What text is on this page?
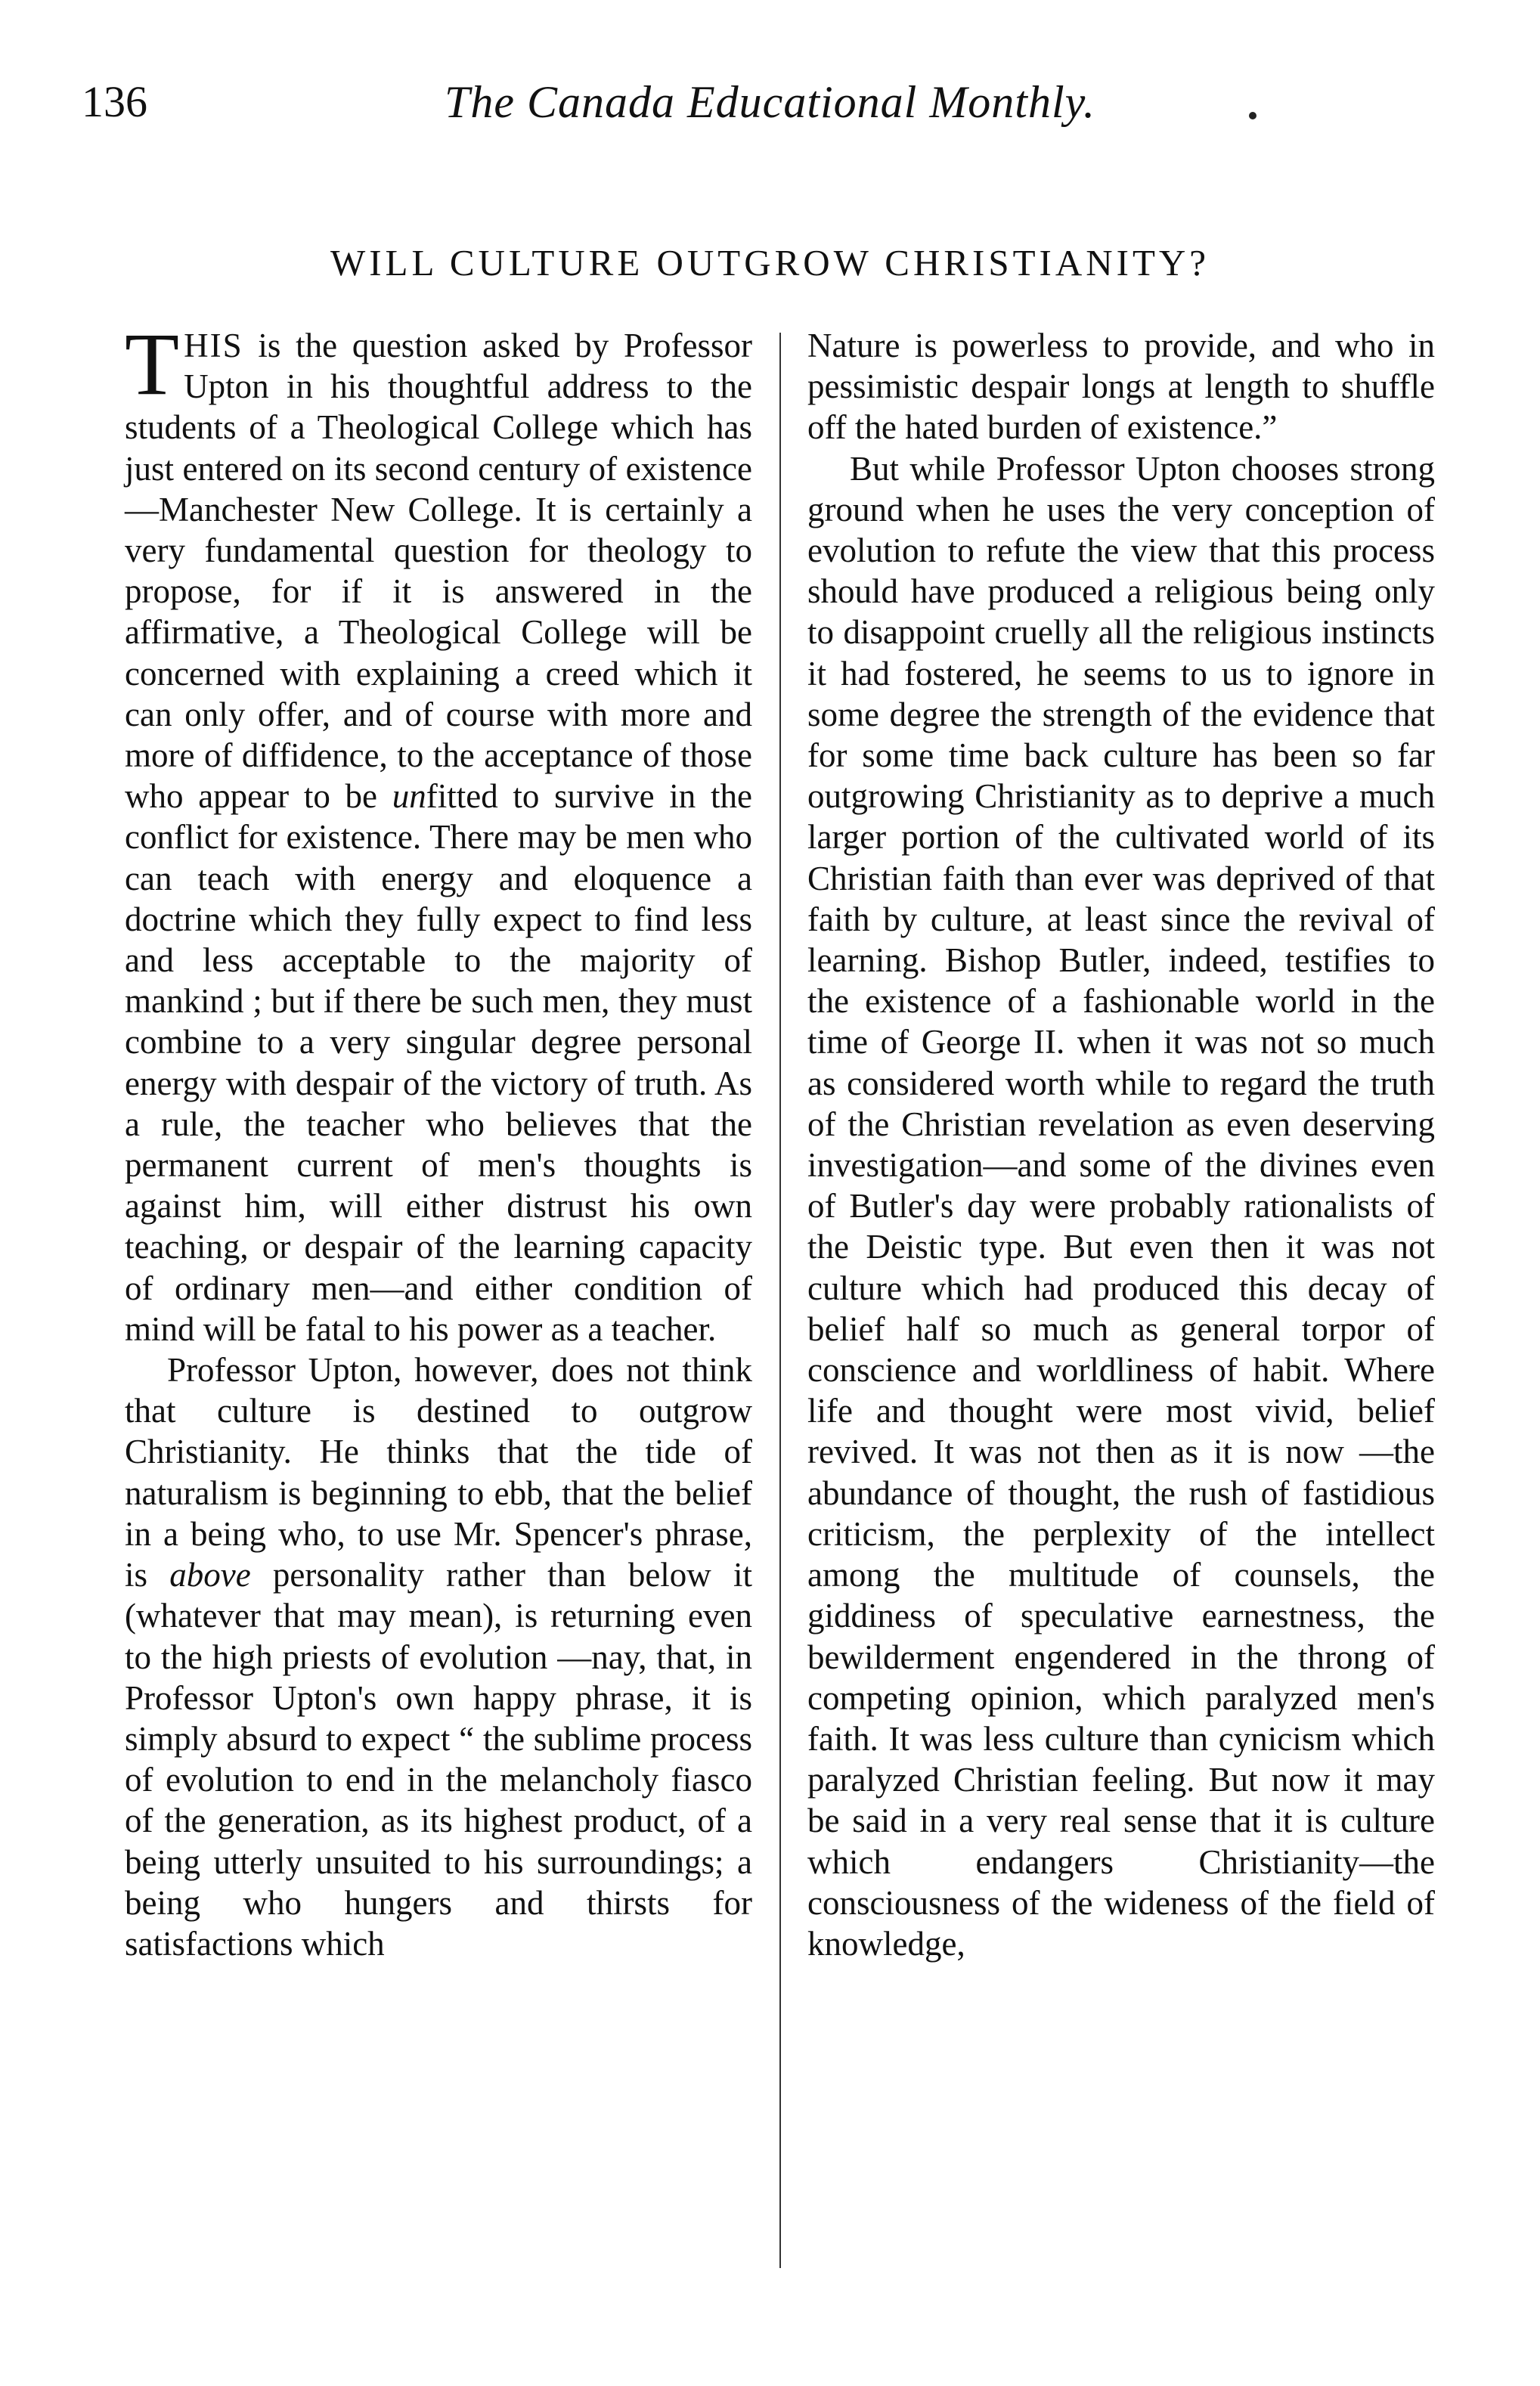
136	The Canada Educational Monthly.
WILL CULTURE OUTGROW CHRISTIANITY?

THIS is the question asked by Professor Upton in his thoughtful address to the students of a Theological College which has just entered on its second century of existence—Manchester New College. It is certainly a very fundamental question for theology to propose, for if it is answered in the affirmative, a Theological College will be concerned with explaining a creed which it can only offer, and of course with more and more of diffidence, to the acceptance of those who appear to be unfitted to survive in the conflict for existence. There may be men who can teach with energy and eloquence a doctrine which they fully expect to find less and less acceptable to the majority of mankind ; but if there be such men, they must combine to a very singular degree personal energy with despair of the victory of truth. As a rule, the teacher who believes that the permanent current of men's thoughts is against him, will either distrust his own teaching, or despair of the learning capacity of ordinary men—and either condition of mind will be fatal to his power as a teacher.

Professor Upton, however, does not think that culture is destined to outgrow Christianity. He thinks that the tide of naturalism is beginning to ebb, that the belief in a being who, to use Mr. Spencer's phrase, is above personality rather than below it (whatever that may mean), is returning even to the high priests of evolution —nay, that, in Professor Upton's own happy phrase, it is simply absurd to expect “ the sublime process of evolution to end in the melancholy fiasco of the generation, as its highest product, of a being utterly unsuited to his surroundings; a being who hungers and thirsts for satisfactions which

Nature is powerless to provide, and who in pessimistic despair longs at length to shuffle off the hated burden of existence.”

But while Professor Upton chooses strong ground when he uses the very conception of evolution to refute the view that this process should have produced a religious being only to disappoint cruelly all the religious instincts it had fostered, he seems to us to ignore in some degree the strength of the evidence that for some time back culture has been so far outgrowing Christianity as to deprive a much larger portion of the cultivated world of its Christian faith than ever was deprived of that faith by culture, at least since the revival of learning. Bishop Butler, indeed, testifies to the existence of a fashionable world in the time of George II. when it was not so much as considered worth while to regard the truth of the Christian revelation as even deserving investigation—and some of the divines even of Butler's day were probably rationalists of the Deistic type. But even then it was not culture which had produced this decay of belief half so much as general torpor of conscience and worldliness of habit. Where life and thought were most vivid, belief revived. It was not then as it is now —the abundance of thought, the rush of fastidious criticism, the perplexity of the intellect among the multitude of counsels, the giddiness of speculative earnestness, the bewilderment engendered in the throng of competing opinion, which paralyzed men's faith. It was less culture than cynicism which paralyzed Christian feeling. But now it may be said in a very real sense that it is culture which endangers Christianity—the consciousness of the wideness of the field of knowledge,
